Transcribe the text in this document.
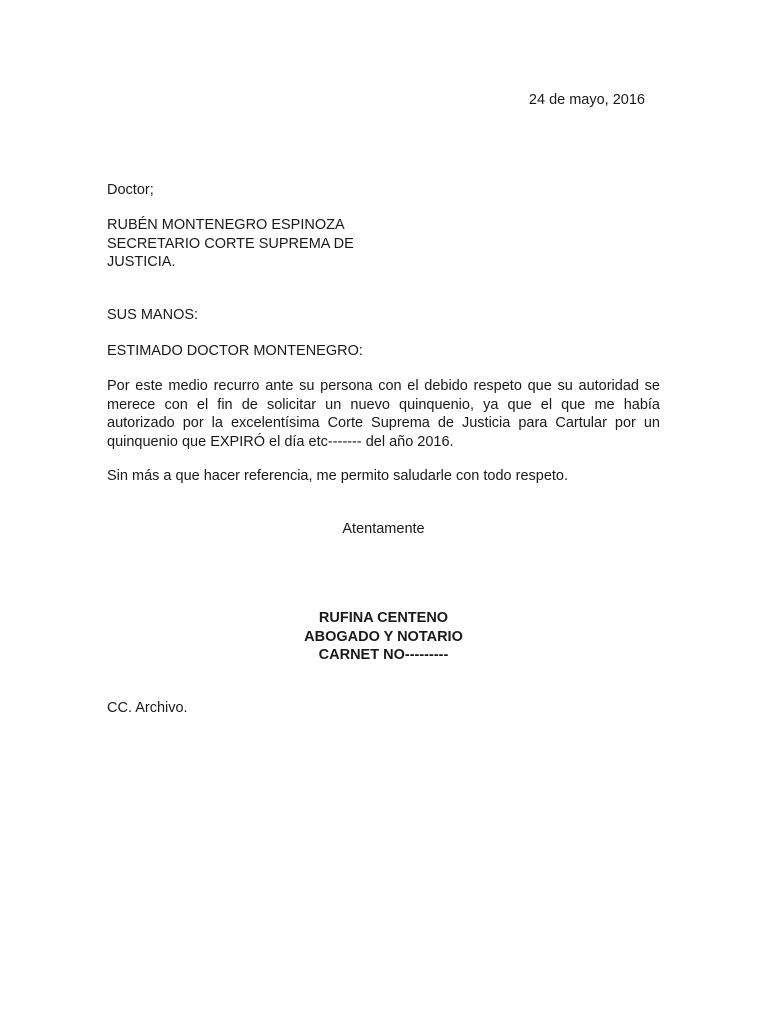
24 de mayo, 2016
Doctor;
RUBÉN MONTENEGRO ESPINOZA
SECRETARIO CORTE SUPREMA DE
JUSTICIA.
SUS MANOS:
ESTIMADO DOCTOR MONTENEGRO:
Por este medio recurro ante su persona con el debido respeto que su autoridad se merece con el fin de solicitar un nuevo quinquenio, ya que el que me había autorizado por la excelentísima Corte Suprema de Justicia para Cartular por un quinquenio que EXPIRÓ el día etc------- del año 2016.
Sin más a que hacer referencia, me permito saludarle con todo respeto.
Atentamente
RUFINA CENTENO
ABOGADO Y NOTARIO
CARNET NO---------
CC. Archivo.
